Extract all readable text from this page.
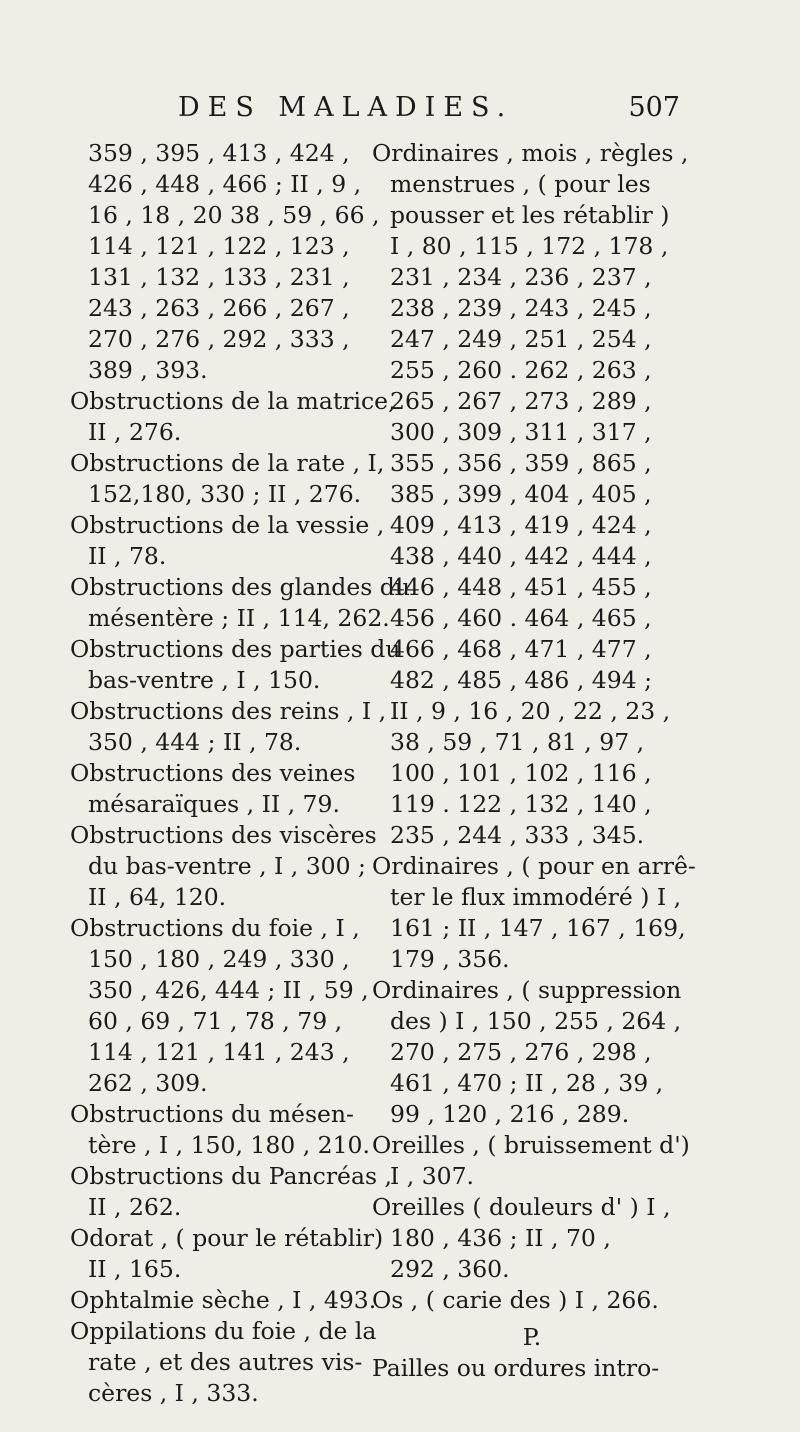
DES MALADIES.	507
359 , 395 , 413 , 424 ,
426 , 448 , 466 ; II , 9 ,
16 , 18 , 20 38 , 59 , 66 ,
114 , 121 , 122 , 123 ,
131 , 132 , 133 , 231 ,
243 , 263 , 266 , 267 ,
270 , 276 , 292 , 333 ,
389 , 393.
Obstructions de la matrice,
II , 276.
Obstructions de la rate , I,
152,180, 330 ; II , 276.
Obstructions de la vessie ,
II , 78.
Obstructions des glandes du
mésentère ; II , 114, 262.
Obstructions des parties du
bas-ventre , I , 150.
Obstructions des reins , I ,
350 , 444 ; II , 78.
Obstructions des veines
mésaraïques , II , 79.
Obstructions des viscères
du bas-ventre , I , 300 ;
II , 64, 120.
Obstructions du foie , I ,
150 , 180 , 249 , 330 ,
350 , 426, 444 ; II , 59 ,
60 , 69 , 71 , 78 , 79 ,
114 , 121 , 141 , 243 ,
262 , 309.
Obstructions du mésen-
tère , I , 150, 180 , 210.
Obstructions du Pancréas ,
II , 262.
Odorat , ( pour le rétablir)
II , 165.
Ophtalmie sèche , I , 493.
Oppilations du foie , de la
rate , et des autres vis-
cères , I , 333.
Ordinaires , mois , règles ,
menstrues , ( pour les
pousser et les rétablir )
I , 80 , 115 , 172 , 178 ,
231 , 234 , 236 , 237 ,
238 , 239 , 243 , 245 ,
247 , 249 , 251 , 254 ,
255 , 260 . 262 , 263 ,
265 , 267 , 273 , 289 ,
300 , 309 , 311 , 317 ,
355 , 356 , 359 , 865 ,
385 , 399 , 404 , 405 ,
409 , 413 , 419 , 424 ,
438 , 440 , 442 , 444 ,
446 , 448 , 451 , 455 ,
456 , 460 . 464 , 465 ,
466 , 468 , 471 , 477 ,
482 , 485 , 486 , 494 ;
II , 9 , 16 , 20 , 22 , 23 ,
38 , 59 , 71 , 81 , 97 ,
100 , 101 , 102 , 116 ,
119 . 122 , 132 , 140 ,
235 , 244 , 333 , 345.
Ordinaires , ( pour en arrê-
ter le flux immodéré ) I ,
161 ; II , 147 , 167 , 169,
179 , 356.
Ordinaires , ( suppression
des ) I , 150 , 255 , 264 ,
270 , 275 , 276 , 298 ,
461 , 470 ; II , 28 , 39 ,
99 , 120 , 216 , 289.
Oreilles , ( bruissement d')
I , 307.
Oreilles ( douleurs d' ) I ,
180 , 436 ; II , 70 ,
292 , 360.
Os , ( carie des ) I , 266.
P.
Pailles ou ordures intro-
